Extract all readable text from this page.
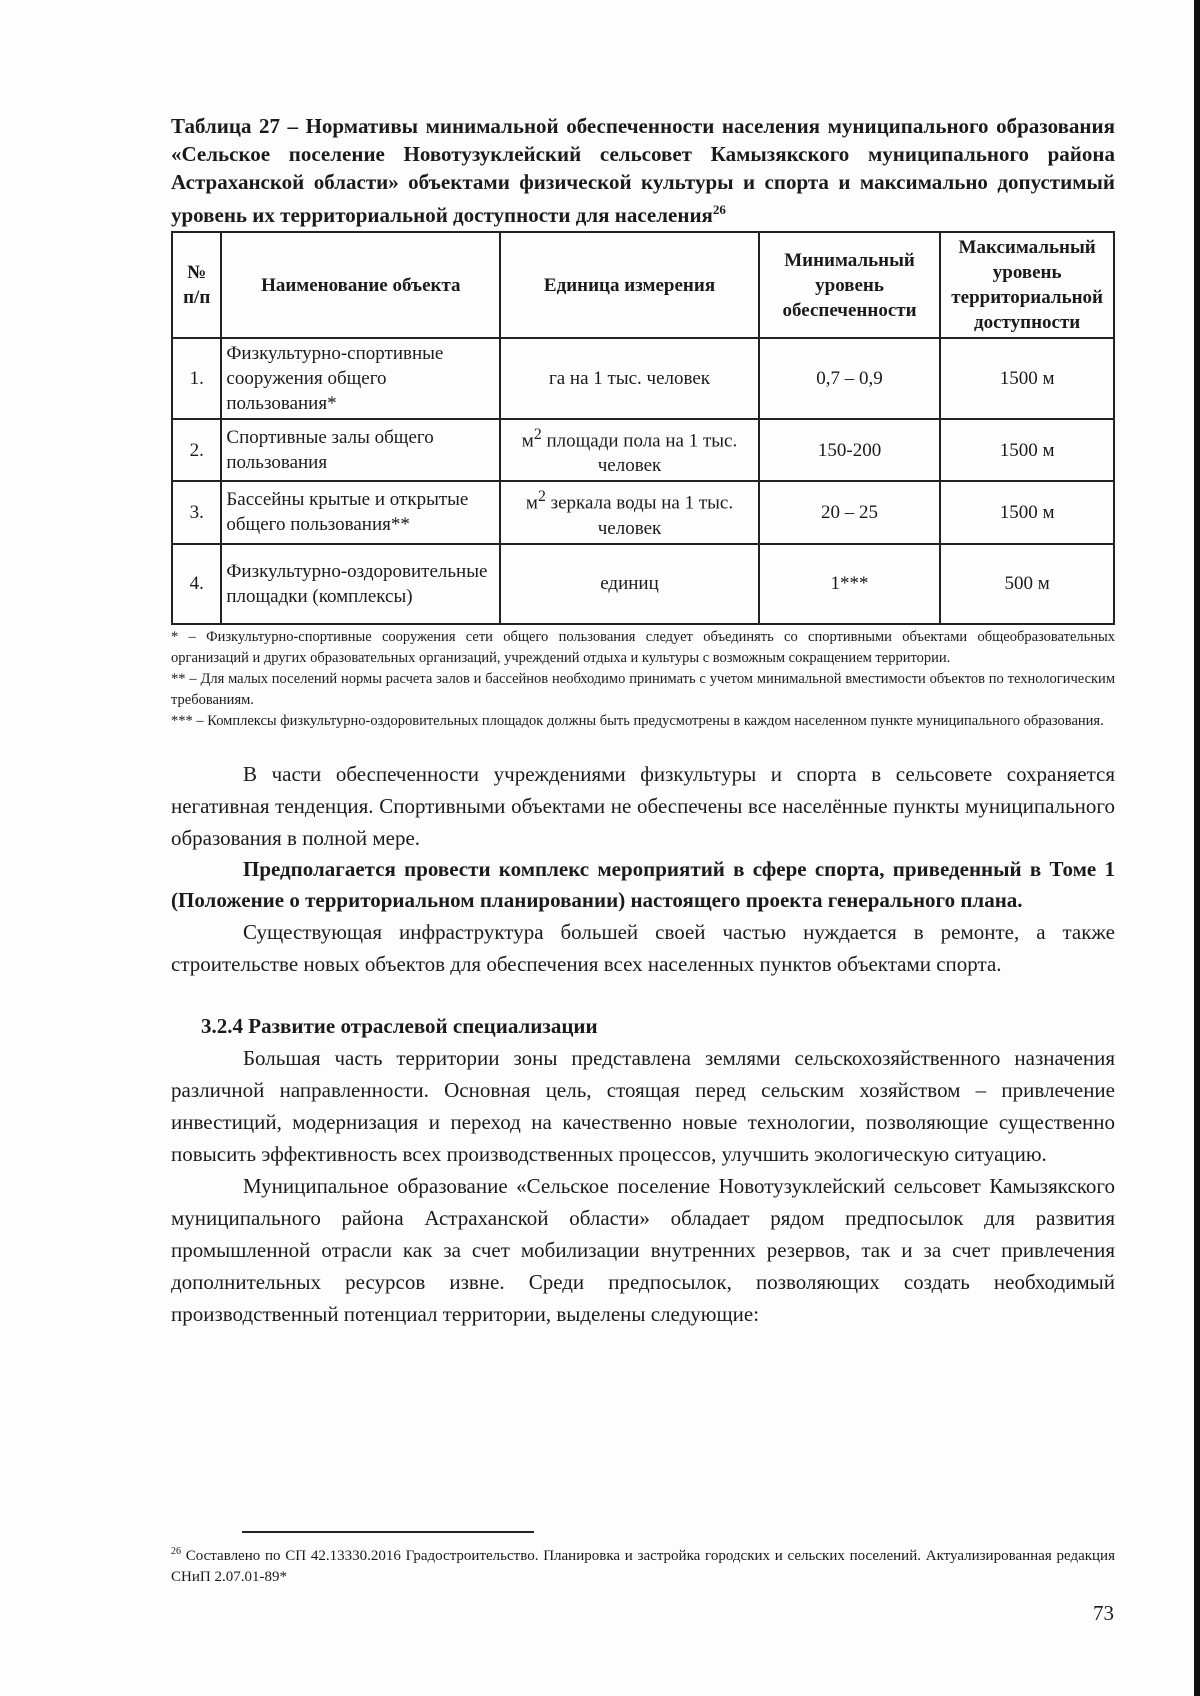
Таблица 27 – Нормативы минимальной обеспеченности населения муниципального образования «Сельское поселение Новотузуклейский сельсовет Камызякского муниципального района Астраханской области» объектами физической культуры и спорта и максимально допустимый уровень их территориальной доступности для населения$^{26}$

№ п/п	Наименование объекта	Единица измерения	Минимальный уровень обеспеченности	Максимальный уровень территориальной доступности
1.	Физкультурно-спортивные сооружения общего пользования*	га на 1 тыс. человек	0,7 – 0,9	1500 м
2.	Спортивные залы общего пользования	$м^2$ площади пола на 1 тыс. человек	150-200	1500 м
3.	Бассейны крытые и открытые общего пользования**	$м^2$ зеркала воды на 1 тыс. человек	20 – 25	1500 м
4.	Физкультурно-оздоровительные площадки (комплексы)	единиц	1***	500 м

* – Физкультурно-спортивные сооружения сети общего пользования следует объединять со спортивными объектами общеобразовательных организаций и других образовательных организаций, учреждений отдыха и культуры с возможным сокращением территории.

** – Для малых поселений нормы расчета залов и бассейнов необходимо принимать с учетом минимальной вместимости объектов по технологическим требованиям.

*** – Комплексы физкультурно-оздоровительных площадок должны быть предусмотрены в каждом населенном пункте муниципального образования.

В части обеспеченности учреждениями физкультуры и спорта в сельсовете сохраняется негативная тенденция. Спортивными объектами не обеспечены все населённые пункты муниципального образования в полной мере.

Предполагается провести комплекс мероприятий в сфере спорта, приведенный в Томе 1 (Положение о территориальном планировании) настоящего проекта генерального плана.

Существующая инфраструктура большей своей частью нуждается в ремонте, а также строительстве новых объектов для обеспечения всех населенных пунктов объектами спорта.

3.2.4 Развитие отраслевой специализации

Большая часть территории зоны представлена землями сельскохозяйственного назначения различной направленности. Основная цель, стоящая перед сельским хозяйством – привлечение инвестиций, модернизация и переход на качественно новые технологии, позволяющие существенно повысить эффективность всех производственных процессов, улучшить экологическую ситуацию.

Муниципальное образование «Сельское поселение Новотузуклейский сельсовет Камызякского муниципального района Астраханской области» обладает рядом предпосылок для развития промышленной отрасли как за счет мобилизации внутренних резервов, так и за счет привлечения дополнительных ресурсов извне. Среди предпосылок, позволяющих создать необходимый производственный потенциал территории, выделены следующие:

$^{26}$ Составлено по СП 42.13330.2016 Градостроительство. Планировка и застройка городских и сельских поселений. Актуализированная редакция СНиП 2.07.01-89*

73
